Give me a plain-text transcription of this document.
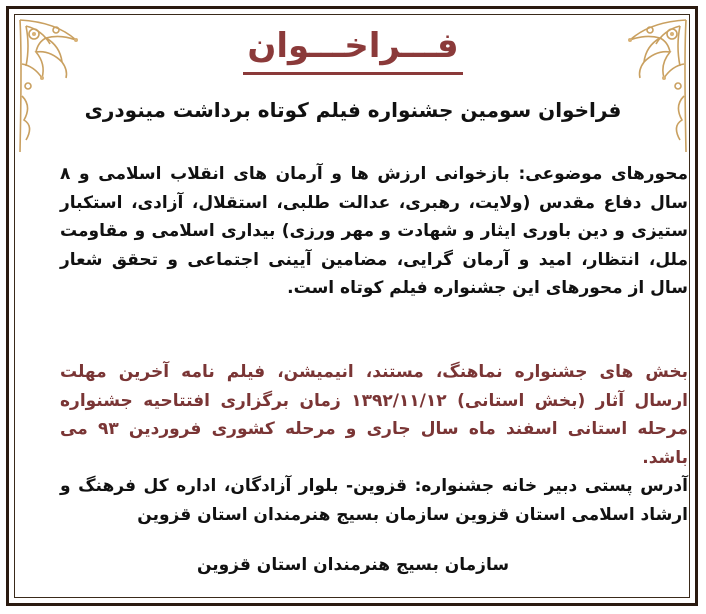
فـــراخـــوان
فراخوان سومین جشنواره فیلم کوتاه برداشت مینودری

محورهای موضوعی: بازخوانی ارزش ها و آرمان های انقلاب اسلامی و ۸ سال دفاع مقدس (ولایت، رهبری، عدالت طلبی، استقلال، آزادی، استکبار ستیزی و دین باوری ایثار و شهادت و مهر ورزی) بیداری اسلامی و مقاومت ملل، انتظار، امید و آرمان گرایی، مضامین آیینی اجتماعی و تحقق شعار سال از محورهای این جشنواره فیلم کوتاه است.

بخش های جشنواره نماهنگ، مستند، انیمیشن، فیلم نامه آخرین مهلت ارسال آثار (بخش استانی) ۱۳۹۲/۱۱/۱۲ زمان برگزاری افتتاحیه جشنواره مرحله استانی اسفند ماه سال جاری و مرحله کشوری فروردین ۹۳ می باشد.

آدرس پستی دبیر خانه جشنواره: قزوین- بلوار آزادگان، اداره کل فرهنگ و ارشاد اسلامی استان قزوین سازمان بسیج هنرمندان استان قزوین

سازمان بسیج هنرمندان استان قزوین
